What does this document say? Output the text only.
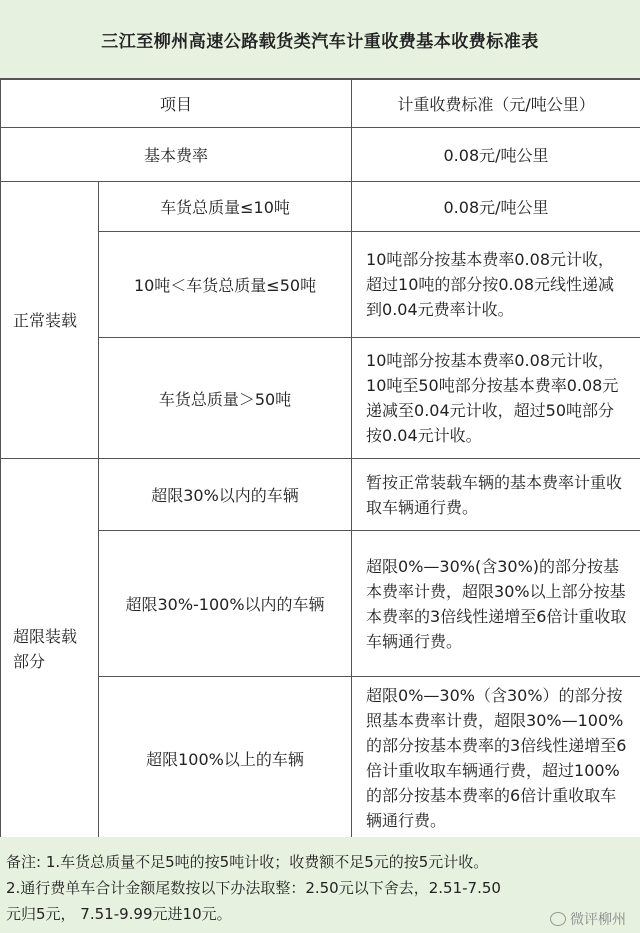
三江至柳州高速公路载货类汽车计重收费基本收费标准表
项目		计重收费标准（元/吨公里）
基本费率		0.08元/吨公里
正常装载	车货总质量≤10吨	0.08元/吨公里
	10吨＜车货总质量≤50吨	10吨部分按基本费率0.08元计收，超过10吨的部分按0.08元线性递减到0.04元费率计收。
	车货总质量＞50吨	10吨部分按基本费率0.08元计收，10吨至50吨部分按基本费率0.08元递减至0.04元计收，超过50吨部分按0.04元计收。

超限装载
部分	超限30%以内的车辆	暂按正常装载车辆的基本费率计重收取车辆通行费。
	超限30%-100%以内的车辆	超限0%—30%(含30%)的部分按基本费率计费，超限30%以上部分按基本费率的3倍线性递增至6倍计重收取车辆通行费。
	超限100%以上的车辆	超限0%—30%（含30%）的部分按照基本费率计费，超限30%—100%的部分按基本费率的3倍线性递增至6倍计重收取车辆通行费，超过100%的部分按基本费率的6倍计重收取车辆通行费。
备注: 1.车货总质量不足5吨的按5吨计收；收费额不足5元的按5元计收。
2.通行费单车合计金额尾数按以下办法取整：2.50元以下舍去，2.51-7.50
元归5元， 7.51-9.99元进10元。	微评柳州
